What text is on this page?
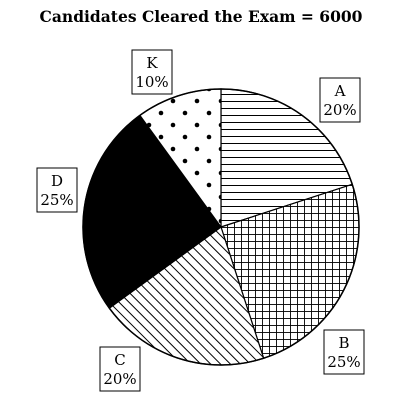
Candidates Cleared the Exam = 6000
A
20%
B
25%
C
20%
D
25%
K
10%
